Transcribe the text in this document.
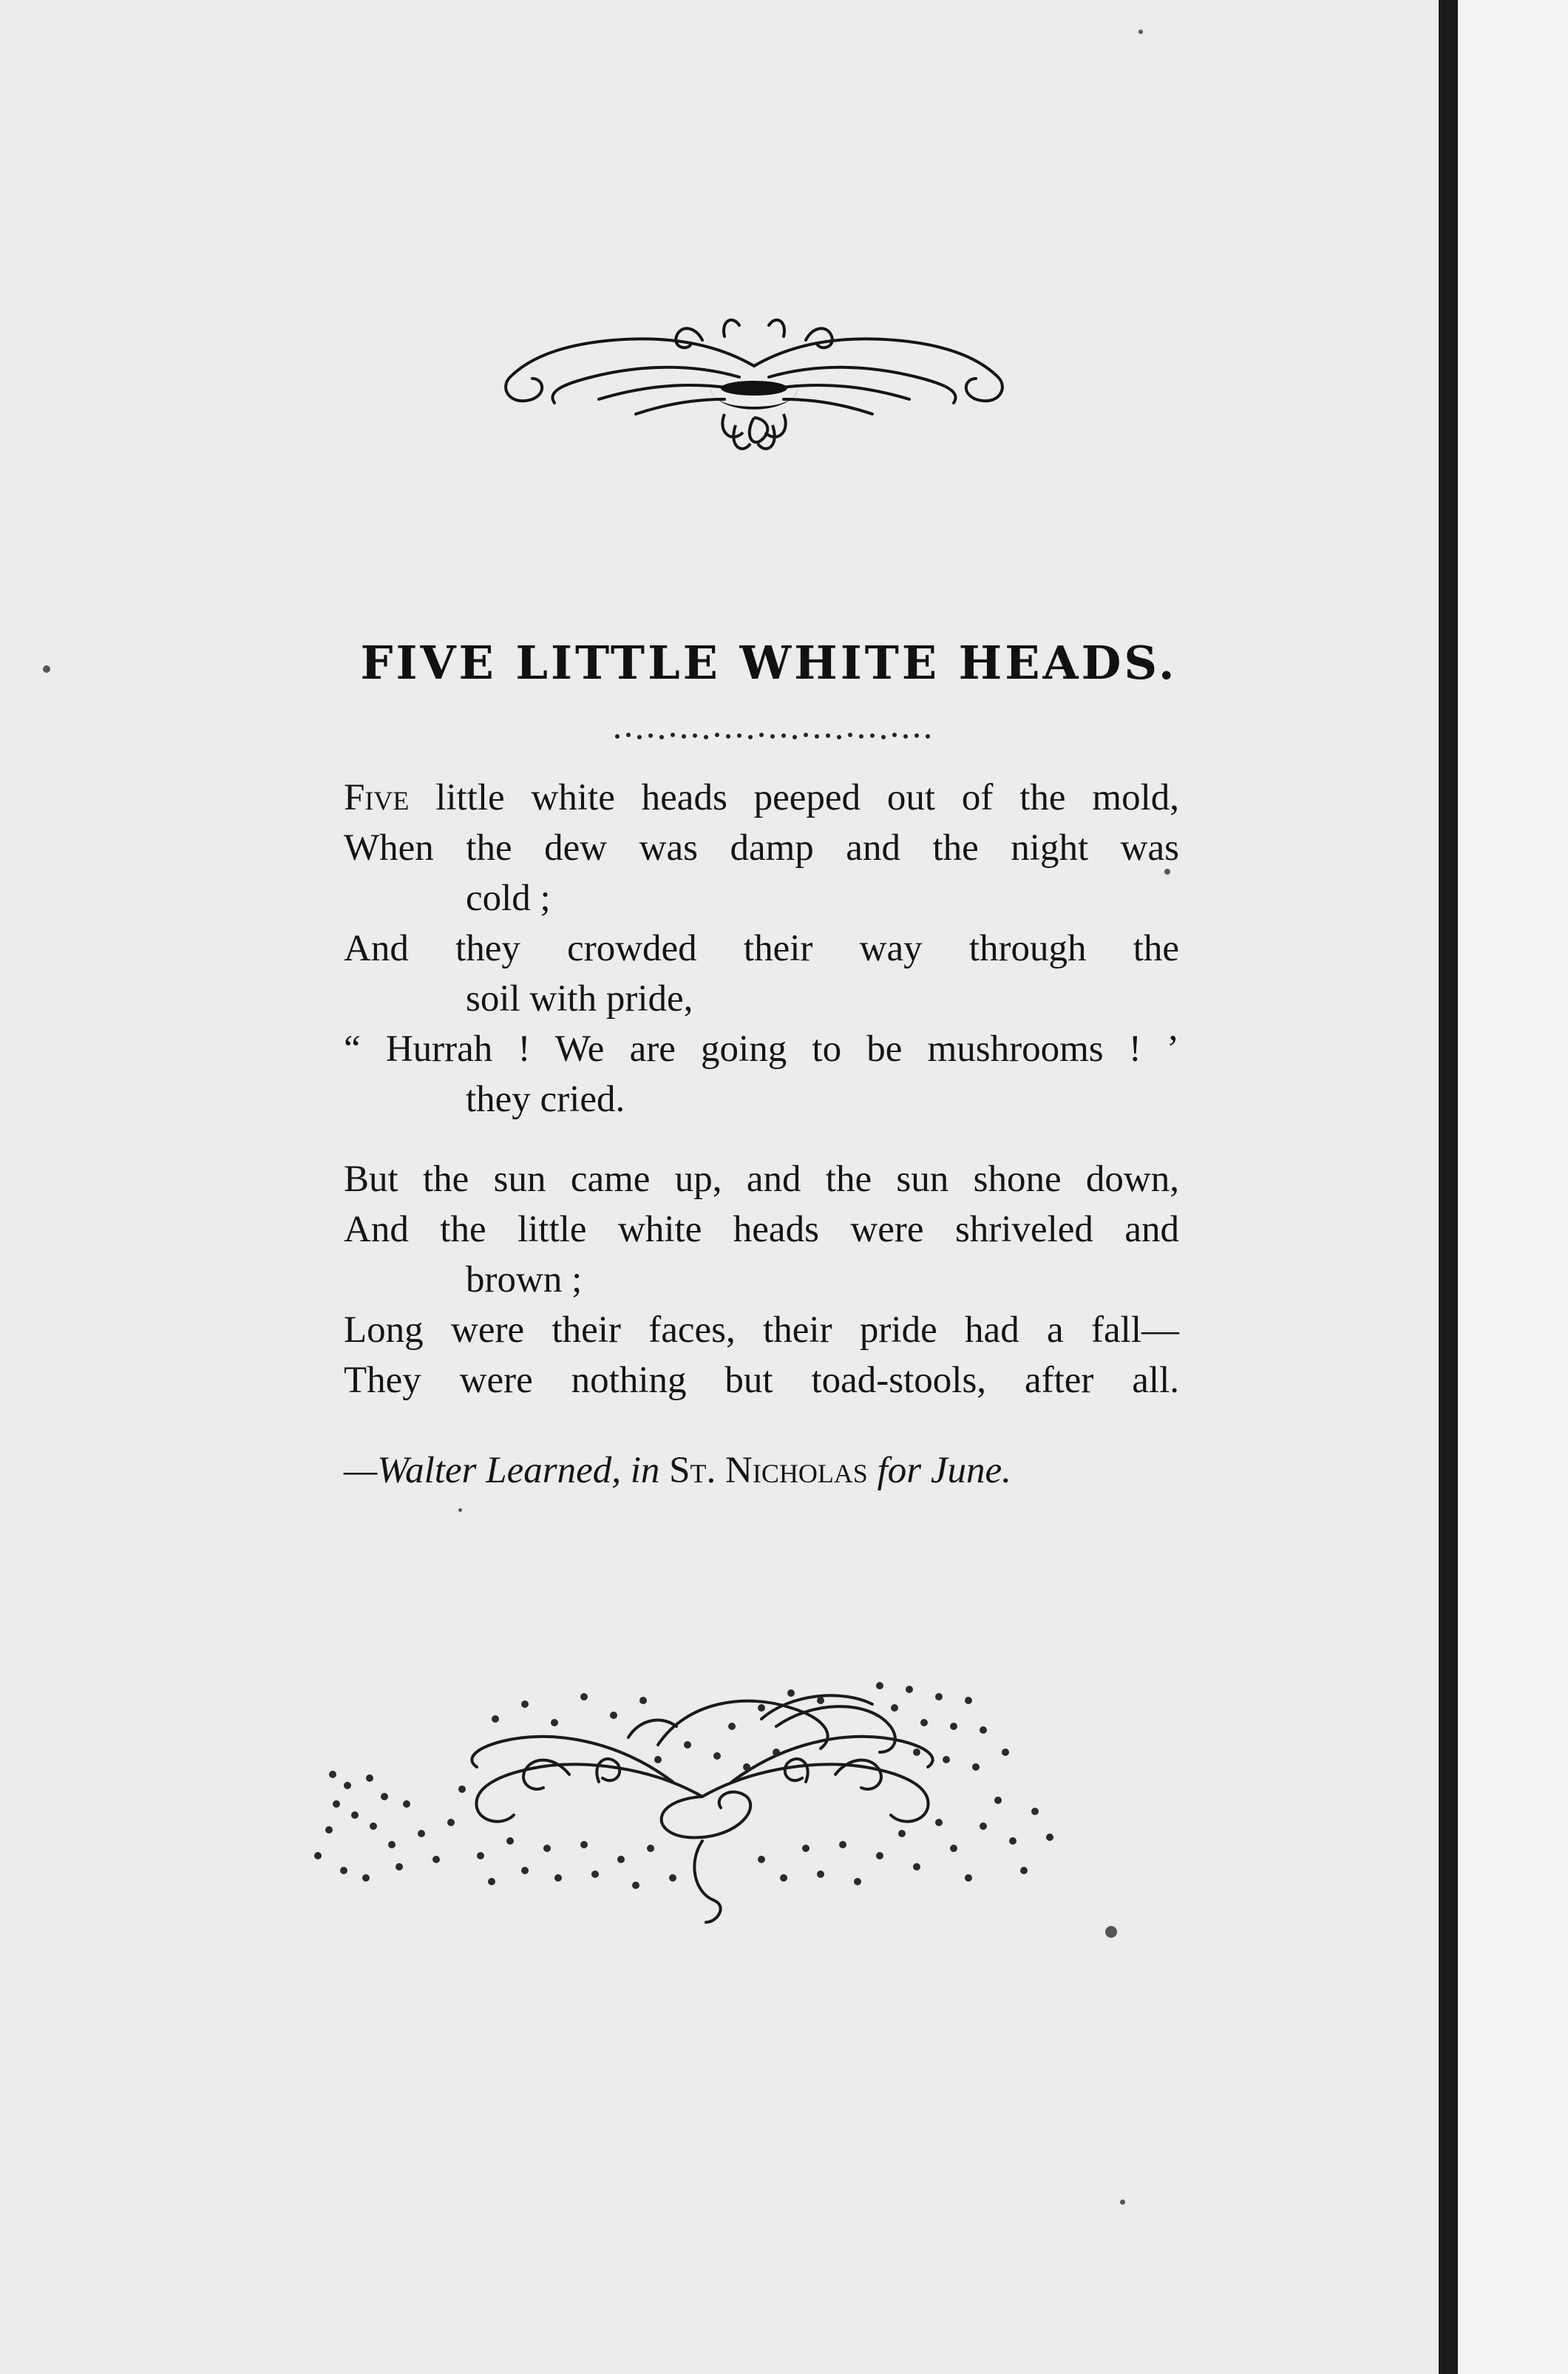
FIVE LITTLE WHITE HEADS.
Five little white heads peeped out of the mold,
When the dew was damp and the night was
cold ;
And they crowded their way through the
soil with pride,
“ Hurrah ! We are going to be mushrooms ! ’
they cried.
But the sun came up, and the sun shone down,
And the little white heads were shriveled and
brown ;
Long were their faces, their pride had a fall—
They were nothing but toad-stools, after all.
—Walter Learned, in St. Nicholas for June.
